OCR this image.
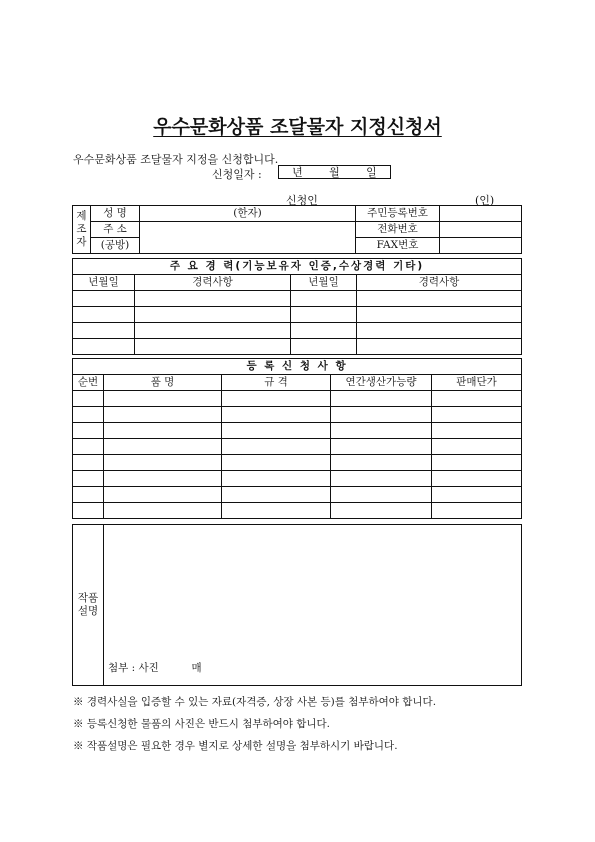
우수문화상품 조달물자 지정신청서
우수문화상품 조달물자 지정을 신청합니다.
신청일자 :	년 월 일
신청인	(인)
제
조
자	성 명	(한자)	주민등록번호	
	주 소		전화번호	
	(공방)		FAX번호	
주 요 경 력(기능보유자 인증,수상경력 기타)			
년월일	경력사항	년월일	경력사항

등 록 신 청 사 항				
순번	품 명	규 격	연간생산가능량	판매단가

작품
설명	첨부 : 사진	매

※ 경력사실을 입증할 수 있는 자료(자격증, 상장 사본 등)를 첨부하여야 합니다.

※ 등록신청한 물품의 사진은 반드시 첨부하여야 합니다.

※ 작품설명은 필요한 경우 별지로 상세한 설명을 첨부하시기 바랍니다.
